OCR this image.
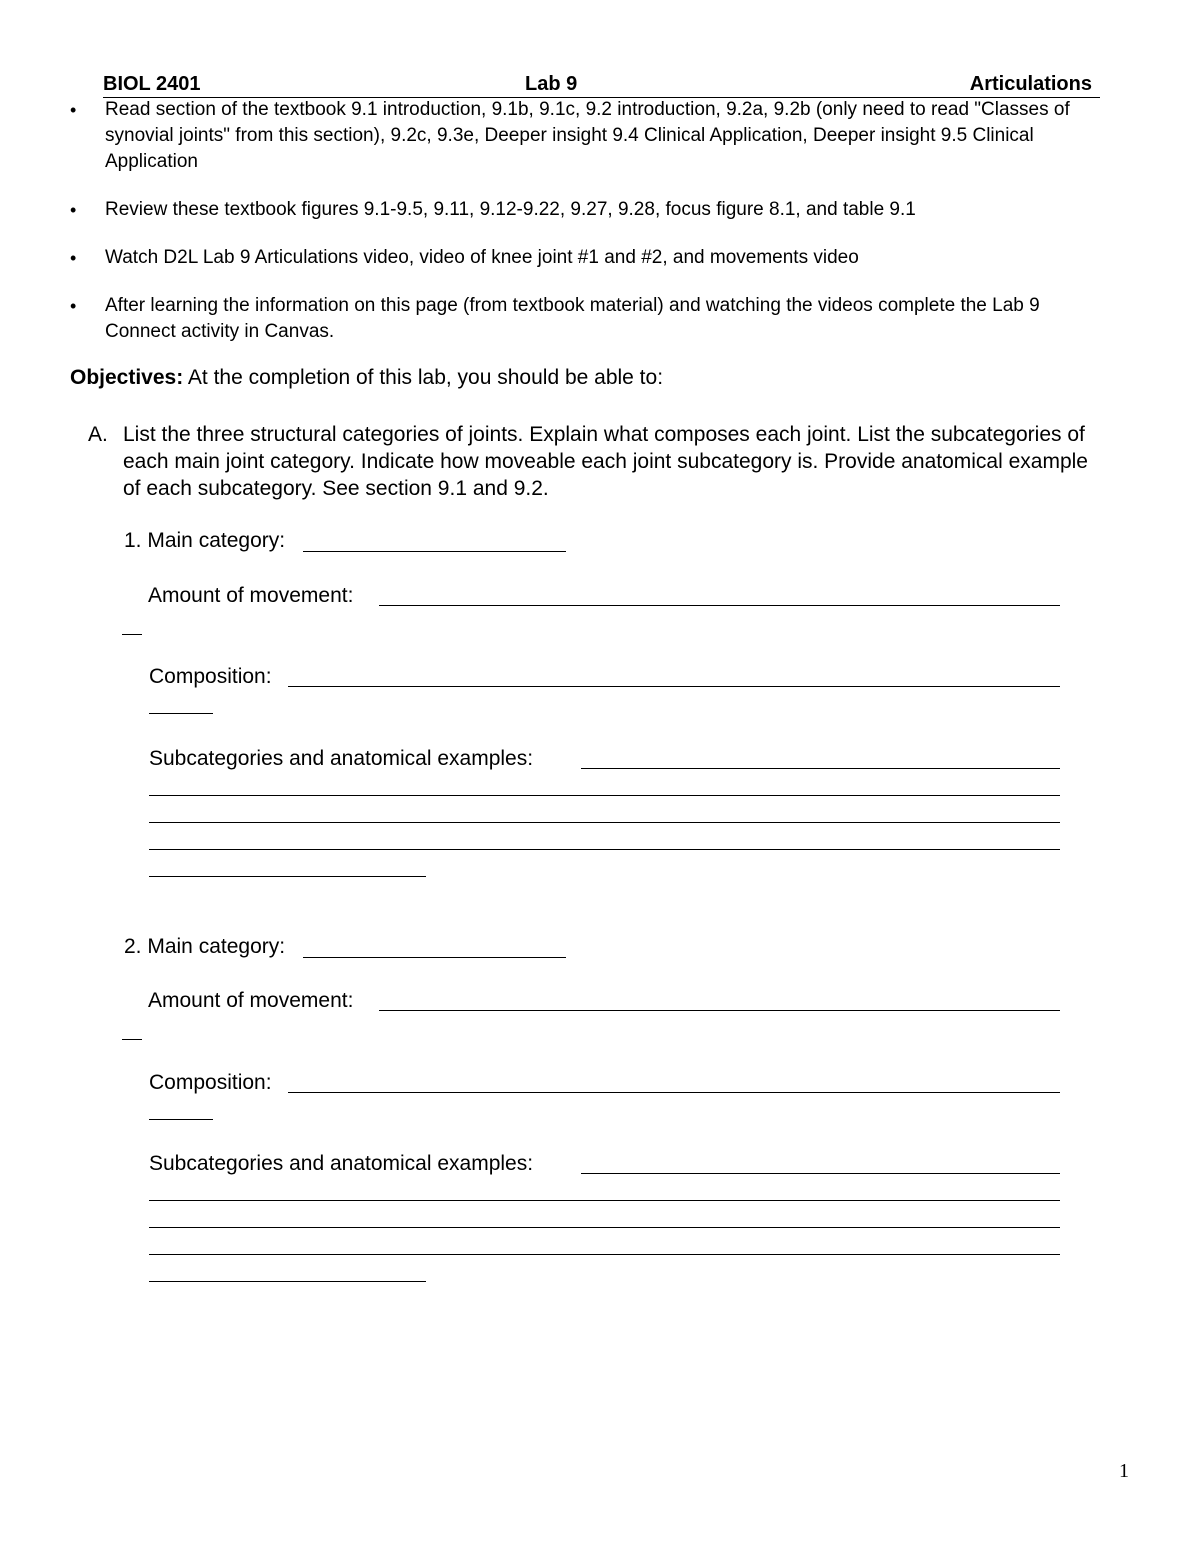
BIOL 2401	Lab 9	Articulations
• Read section of the textbook 9.1 introduction, 9.1b, 9.1c, 9.2 introduction, 9.2a, 9.2b (only need to read "Classes of synovial joints" from this section), 9.2c, 9.3e, Deeper insight 9.4 Clinical Application, Deeper insight 9.5 Clinical Application
• Review these textbook figures 9.1-9.5, 9.11, 9.12-9.22, 9.27, 9.28, focus figure 8.1, and table 9.1
• Watch D2L Lab 9 Articulations video, video of knee joint #1 and #2, and movements video
• After learning the information on this page (from textbook material) and watching the videos complete the Lab 9 Connect activity in Canvas.
Objectives: At the completion of this lab, you should be able to:
A. List the three structural categories of joints. Explain what composes each joint. List the subcategories of each main joint category. Indicate how moveable each joint subcategory is. Provide anatomical example of each subcategory. See section 9.1 and 9.2.
1. Main category:
Amount of movement:
Composition:
Subcategories and anatomical examples:
2. Main category:
Amount of movement:
Composition:
Subcategories and anatomical examples:
1
